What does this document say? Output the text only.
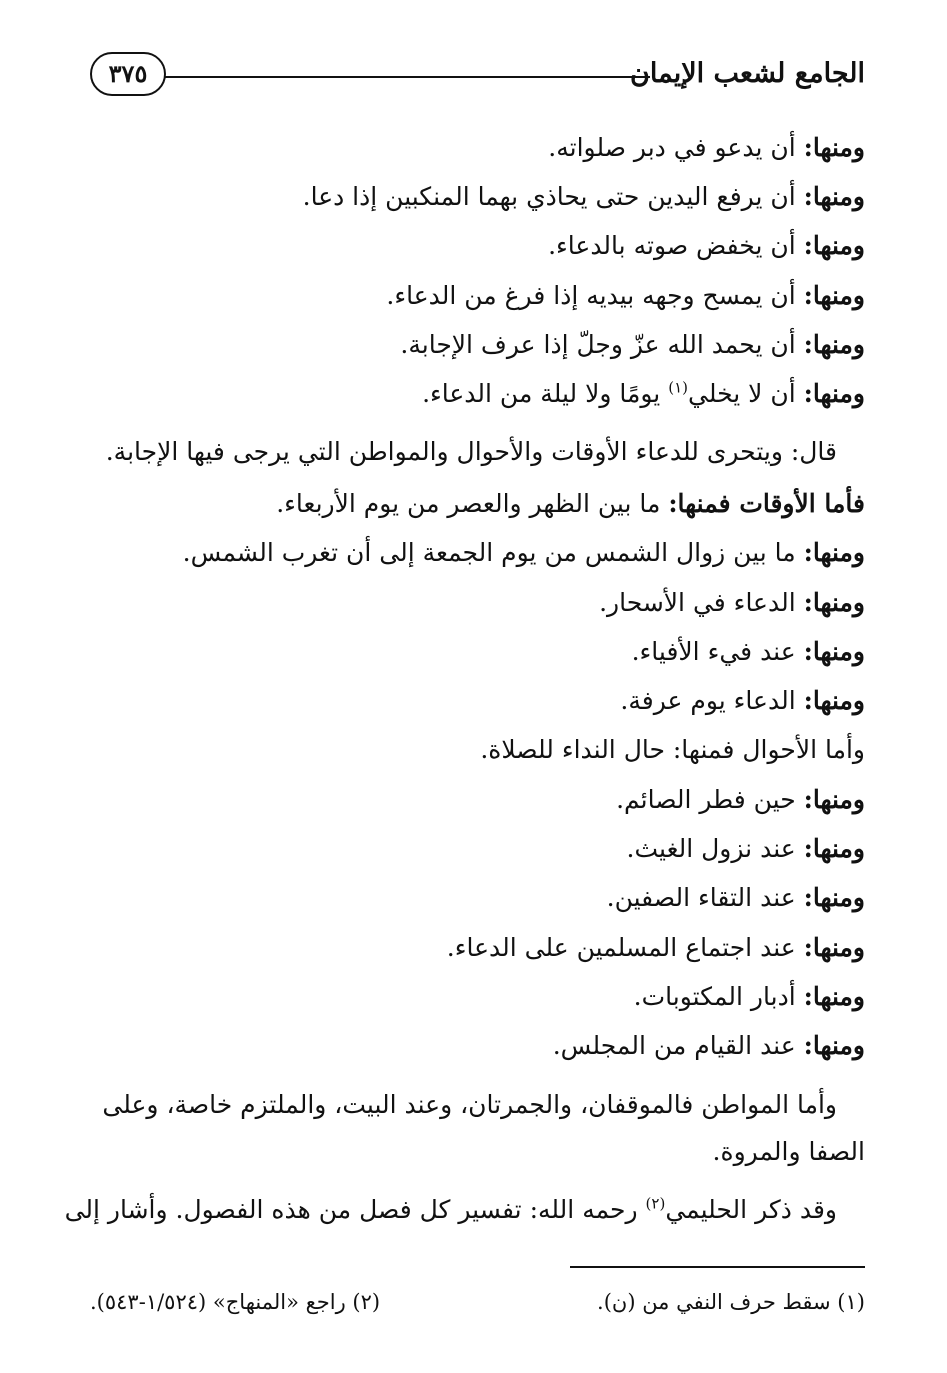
الجامع لشعب الإيمان
٣٧٥
ومنها: أن يدعو في دبر صلواته.
ومنها: أن يرفع اليدين حتى يحاذي بهما المنكبين إذا دعا.
ومنها: أن يخفض صوته بالدعاء.
ومنها: أن يمسح وجهه بيديه إذا فرغ من الدعاء.
ومنها: أن يحمد الله عزّ وجلّ إذا عرف الإجابة.
ومنها: أن لا يخلي$^{(١)}$ يومًا ولا ليلة من الدعاء.
قال: ويتحرى للدعاء الأوقات والأحوال والمواطن التي يرجى فيها الإجابة.
فأما الأوقات فمنها: ما بين الظهر والعصر من يوم الأربعاء.
ومنها: ما بين زوال الشمس من يوم الجمعة إلى أن تغرب الشمس.
ومنها: الدعاء في الأسحار.
ومنها: عند فيء الأفياء.
ومنها: الدعاء يوم عرفة.
وأما الأحوال فمنها: حال النداء للصلاة.
ومنها: حين فطر الصائم.
ومنها: عند نزول الغيث.
ومنها: عند التقاء الصفين.
ومنها: عند اجتماع المسلمين على الدعاء.
ومنها: أدبار المكتوبات.
ومنها: عند القيام من المجلس.
وأما المواطن فالموقفان، والجمرتان، وعند البيت، والملتزم خاصة، وعلى
الصفا والمروة.
وقد ذكر الحليمي$^{(٢)}$ رحمه الله: تفسير كل فصل من هذه الفصول. وأشار إلى
(١) سقط حرف النفي من (ن).
(٢) راجع «المنهاج» (١/٥٢٤-٥٤٣).
